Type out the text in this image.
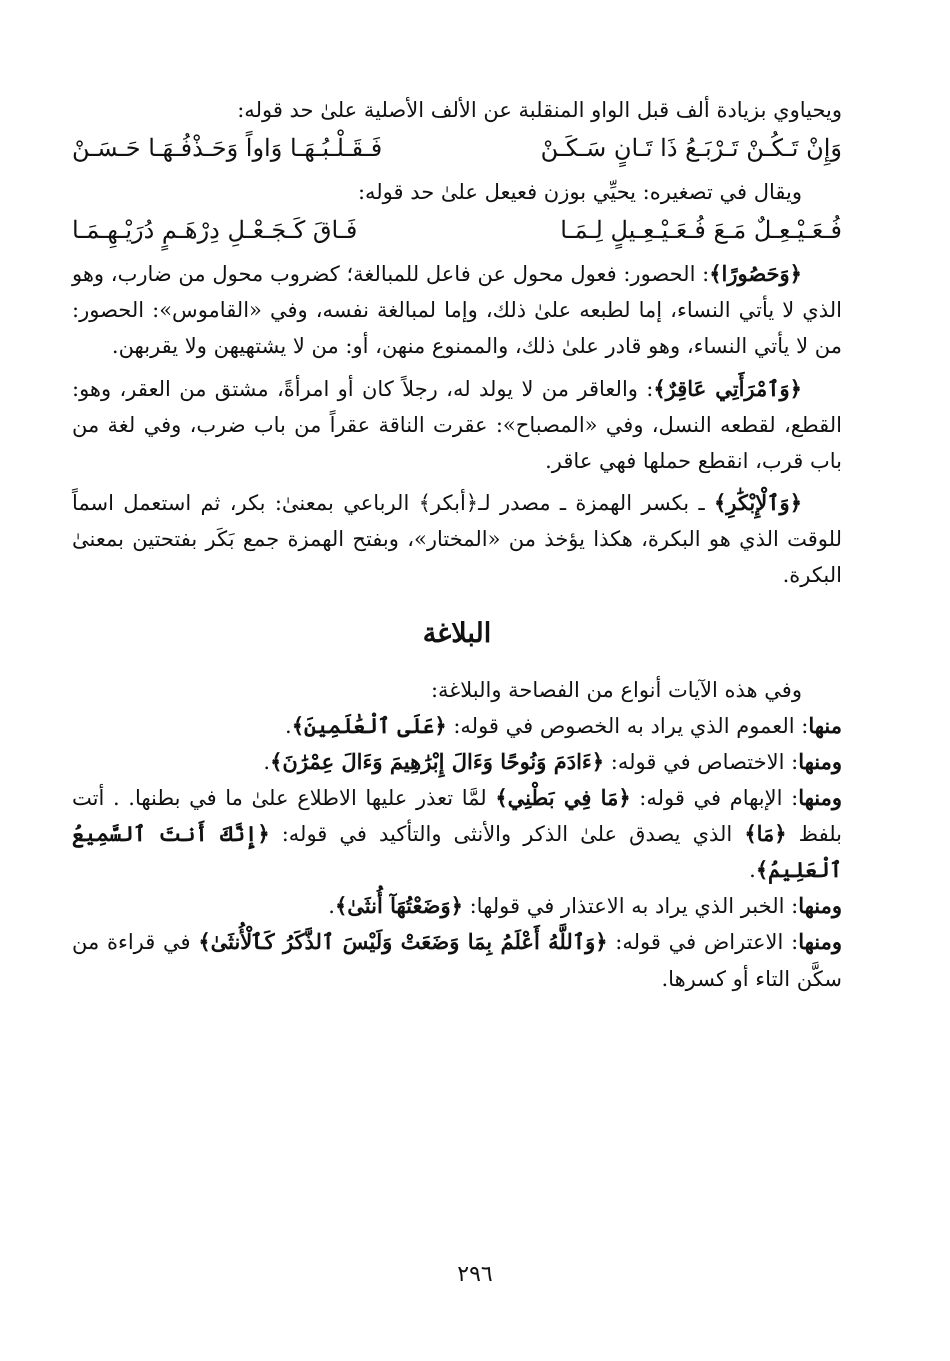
ويحياوي بزيادة ألف قبل الواو المنقلبة عن الألف الأصلية علىٰ حد قوله:

وَإِنْ تَـكُـنْ تَـرْبَـعُ ذَا تَـانٍ سَـكَـنْ
فَـقَـلْـبُـهَـا وَاواً وَحَـذْفُـهَـا حَـسَـنْ

ويقال في تصغيره: يحيِّي بوزن فعيعل علىٰ حد قوله:

فُـعَـيْـعِـلٌ مَـعَ فُـعَـيْـعِـيلٍ لِـمَـا
فَـاقَ كَـجَـعْـلِ دِرْهَـمٍ دُرَيْـهِـمَـا

﴿وَحَصُورًا﴾: الحصور: فعول محول عن فاعل للمبالغة؛ كضروب محول من ضارب، وهو الذي لا يأتي النساء، إما لطبعه علىٰ ذلك، وإما لمبالغة نفسه، وفي «القاموس»: الحصور: من لا يأتي النساء، وهو قادر علىٰ ذلك، والممنوع منهن، أو: من لا يشتهيهن ولا يقربهن.

﴿وَٱمْرَأَتِي عَاقِرٌ﴾: والعاقر من لا يولد له، رجلاً كان أو امرأةً، مشتق من العقر، وهو: القطع، لقطعه النسل، وفي «المصباح»: عقرت الناقة عقراً من باب ضرب، وفي لغة من باب قرب، انقطع حملها فهي عاقر.

﴿وَٱلْإِبْكَٰرِ﴾ ـ بكسر الهمزة ـ مصدر لـ﴿أبكر﴾ الرباعي بمعنىٰ: بكر، ثم استعمل اسماً للوقت الذي هو البكرة، هكذا يؤخذ من «المختار»، وبفتح الهمزة جمع بَكَر بفتحتين بمعنىٰ البكرة.

البلاغة

وفي هذه الآيات أنواع من الفصاحة والبلاغة:

منها: العموم الذي يراد به الخصوص في قوله: ﴿عَلَى ٱلْعَٰلَمِينَ﴾.

ومنها: الاختصاص في قوله: ﴿ءَادَمَ وَنُوحًا وَءَالَ إِبْرَٰهِيمَ وَءَالَ عِمْرَٰنَ﴾.

ومنها: الإبهام في قوله: ﴿مَا فِي بَطْنِي﴾ لمَّا تعذر عليها الاطلاع علىٰ ما في بطنها. . أتت بلفظ ﴿مَا﴾ الذي يصدق علىٰ الذكر والأنثى والتأكيد في قوله: ﴿إِنَّكَ أَنتَ ٱلسَّمِيعُ ٱلْعَلِيمُ﴾.

ومنها: الخبر الذي يراد به الاعتذار في قولها: ﴿وَضَعْتُهَآ أُنثَىٰ﴾.

ومنها: الاعتراض في قوله: ﴿وَٱللَّهُ أَعْلَمُ بِمَا وَضَعَتْ وَلَيْسَ ٱلذَّكَرُ كَٱلْأُنثَىٰ﴾ في قراءة من سكَّن التاء أو كسرها.

٢٩٦
